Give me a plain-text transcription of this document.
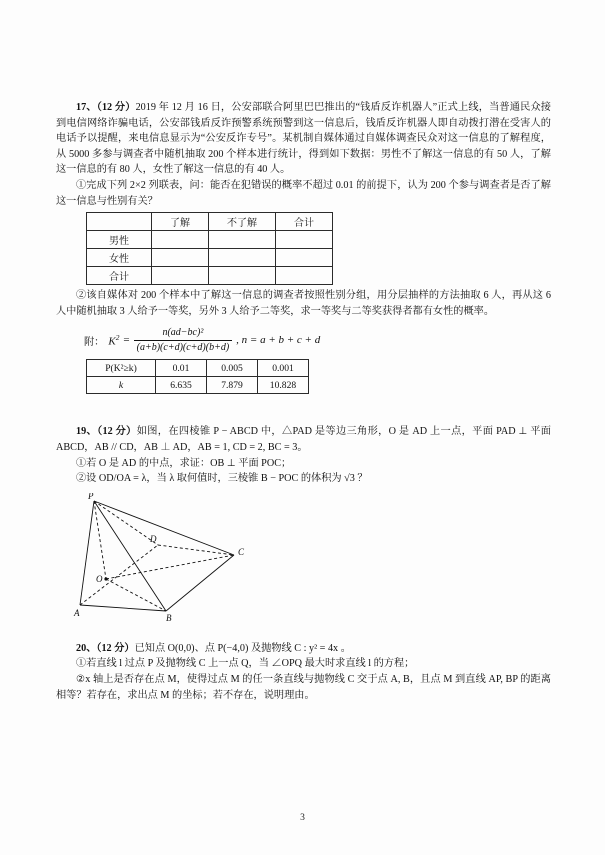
17、（12 分）2019 年 12 月 16 日，公安部联合阿里巴巴推出的“钱盾反诈机器人”正式上线，当普通民众接到电信网络诈骗电话，公安部钱盾反诈预警系统预警到这一信息后，钱盾反诈机器人即自动拨打潜在受害人的电话予以提醒，来电信息显示为“公安反诈专号”。某机制自媒体通过自媒体调查民众对这一信息的了解程度，从 5000 多参与调查者中随机抽取 200 个样本进行统计，得到如下数据：男性不了解这一信息的有 50 人，了解这一信息的有 80 人，女性了解这一信息的有 40 人。

①完成下列 2×2 列联表，问：能否在犯错误的概率不超过 0.01 的前提下，认为 200 个参与调查者是否了解这一信息与性别有关？

	了解	不了解	合计
男性			
女性			
合计			

②该自媒体对 200 个样本中了解这一信息的调查者按照性别分组，用分层抽样的方法抽取 6 人，再从这 6 人中随机抽取 3 人给予一等奖，另外 3 人给予二等奖，求一等奖与二等奖获得者都有女性的概率。

附： $K^2 = \frac{\text{n(ad−bc)²}}{(a+b)(c+d)(c+d)(b+d)}$ , n = a + b + c + d
P(K²≥k)	0.01	0.005	0.001
k	6.635	7.879	10.828

19、（12 分）如图，在四棱锥 P − ABCD 中，△PAD 是等边三角形，O 是 AD 上一点，平面 PAD ⊥ 平面 ABCD，AB // CD，AB ⊥ AD，AB = 1, CD = 2, BC = 3。

①若 O 是 AD 的中点，求证：OB ⊥ 平面 POC；

②设 OD/OA = λ，当 λ 取何值时，三棱锥 B − POC 的体积为 √3 ？

P
D
C
O
A	B

20、（12 分）已知点 O(0,0)、点 P(−4,0) 及抛物线 C : y² = 4x 。

①若直线 l 过点 P 及抛物线 C 上一点 Q，当 ∠OPQ 最大时求直线 l 的方程；

②x 轴上是否存在点 M，使得过点 M 的任一条直线与抛物线 C 交于点 A, B，且点 M 到直线 AP, BP 的距离相等？若存在，求出点 M 的坐标；若不存在，说明理由。

3
